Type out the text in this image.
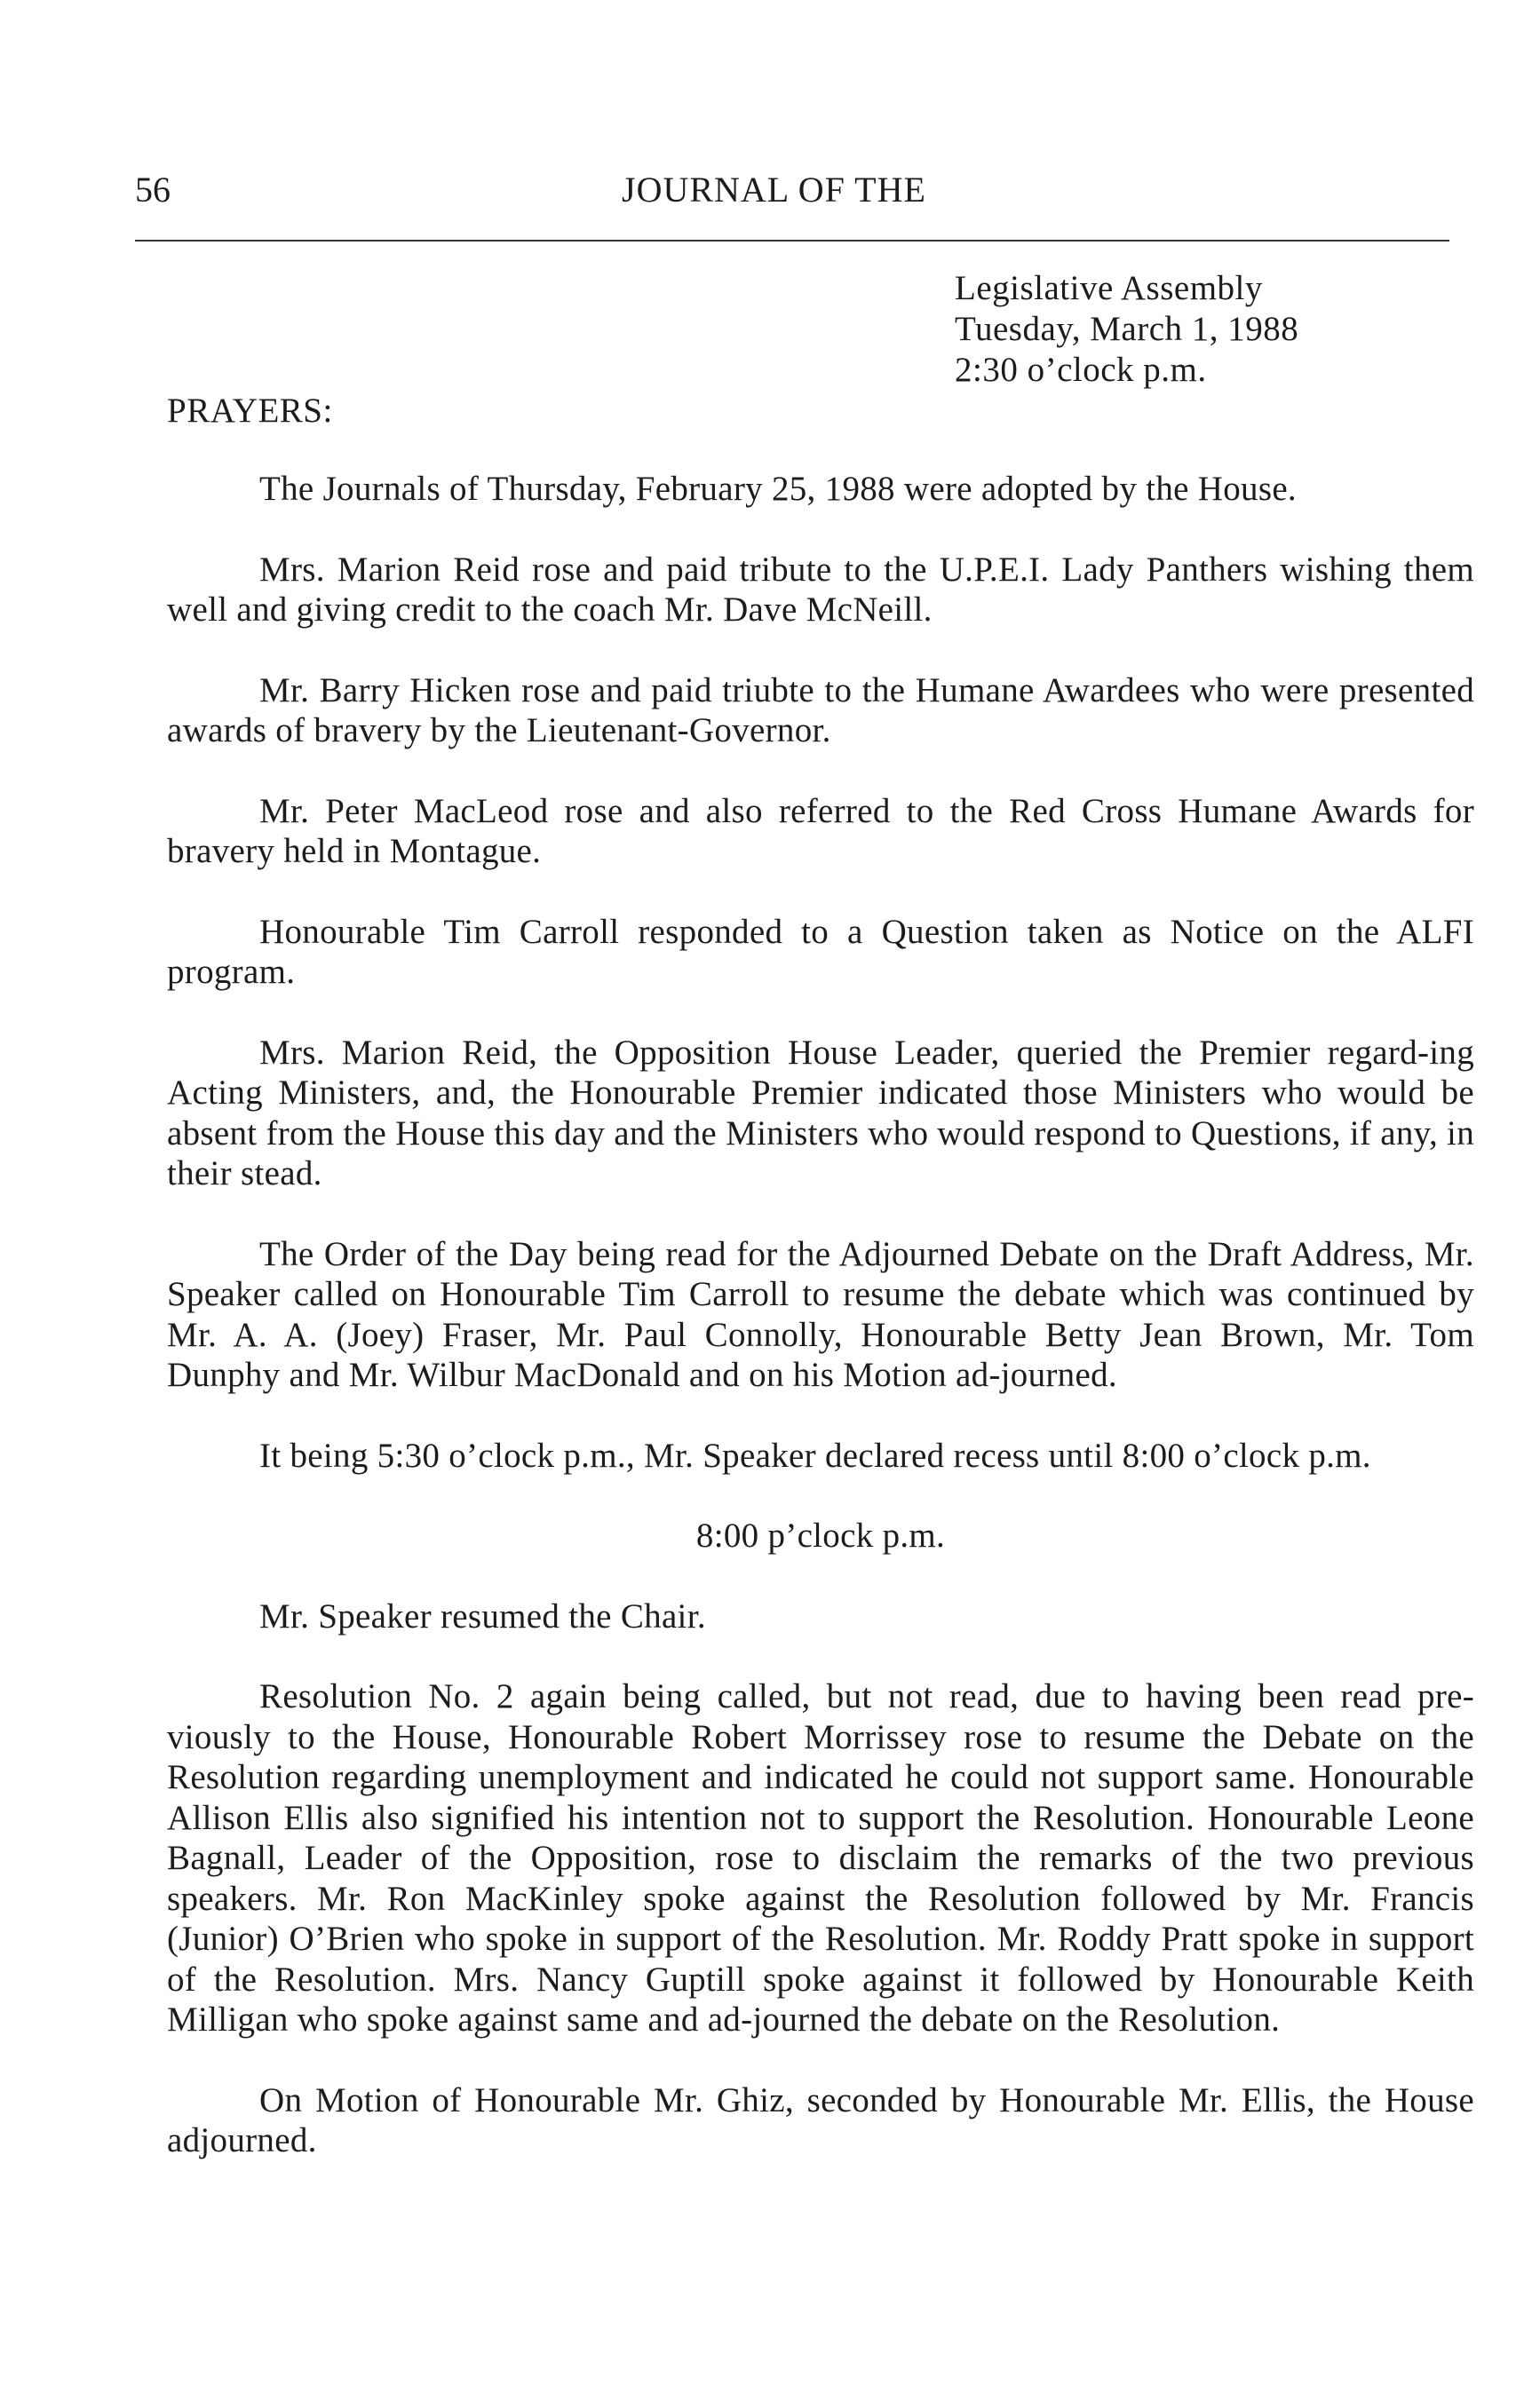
56	JOURNAL OF THE
Legislative Assembly
Tuesday, March 1, 1988
2:30 o’clock p.m.
PRAYERS:

The Journals of Thursday, February 25, 1988 were adopted by the House.

Mrs. Marion Reid rose and paid tribute to the U.P.E.I. Lady Panthers wishing them well and giving credit to the coach Mr. Dave McNeill.

Mr. Barry Hicken rose and paid triubte to the Humane Awardees who were presented awards of bravery by the Lieutenant-Governor.

Mr. Peter MacLeod rose and also referred to the Red Cross Humane Awards for bravery held in Montague.

Honourable Tim Carroll responded to a Question taken as Notice on the ALFI program.

Mrs. Marion Reid, the Opposition House Leader, queried the Premier regard-ing Acting Ministers, and, the Honourable Premier indicated those Ministers who would be absent from the House this day and the Ministers who would respond to Questions, if any, in their stead.

The Order of the Day being read for the Adjourned Debate on the Draft Address, Mr. Speaker called on Honourable Tim Carroll to resume the debate which was continued by Mr. A. A. (Joey) Fraser, Mr. Paul Connolly, Honourable Betty Jean Brown, Mr. Tom Dunphy and Mr. Wilbur MacDonald and on his Motion ad-journed.

It being 5:30 o’clock p.m., Mr. Speaker declared recess until 8:00 o’clock p.m.

8:00 p’clock p.m.

Mr. Speaker resumed the Chair.

Resolution No. 2 again being called, but not read, due to having been read pre-viously to the House, Honourable Robert Morrissey rose to resume the Debate on the Resolution regarding unemployment and indicated he could not support same. Honourable Allison Ellis also signified his intention not to support the Resolution. Honourable Leone Bagnall, Leader of the Opposition, rose to disclaim the remarks of the two previous speakers. Mr. Ron MacKinley spoke against the Resolution followed by Mr. Francis (Junior) O’Brien who spoke in support of the Resolution. Mr. Roddy Pratt spoke in support of the Resolution. Mrs. Nancy Guptill spoke against it followed by Honourable Keith Milligan who spoke against same and ad-journed the debate on the Resolution.

On Motion of Honourable Mr. Ghiz, seconded by Honourable Mr. Ellis, the House adjourned.
